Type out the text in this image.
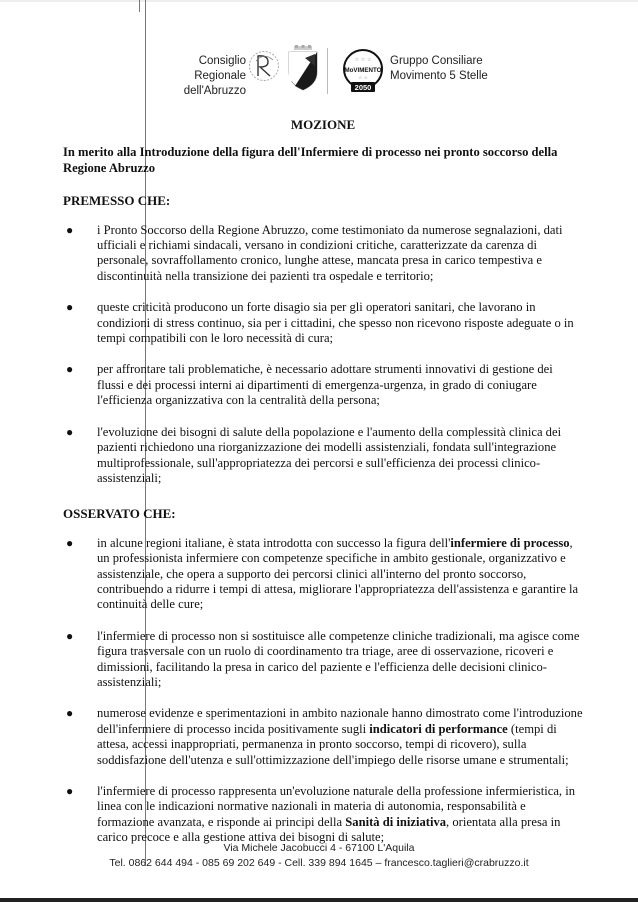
Consiglio Regionale
dell'Abruzzo
MoVIMENTO
☆ ☆ ☆
☆ ☆
2050
Gruppo Consiliare
Movimento 5 Stelle
MOZIONE
In merito alla Introduzione della figura dell'Infermiere di processo nei pronto soccorso della Regione Abruzzo
PREMESSO CHE:
● i Pronto Soccorso della Regione Abruzzo, come testimoniato da numerose segnalazioni, dati ufficiali e richiami sindacali, versano in condizioni critiche, caratterizzate da carenza di personale, sovraffollamento cronico, lunghe attese, mancata presa in carico tempestiva e discontinuità nella transizione dei pazienti tra ospedale e territorio;
● queste criticità producono un forte disagio sia per gli operatori sanitari, che lavorano in condizioni di stress continuo, sia per i cittadini, che spesso non ricevono risposte adeguate o in tempi compatibili con le loro necessità di cura;
● per affrontare tali problematiche, è necessario adottare strumenti innovativi di gestione dei flussi e dei processi interni ai dipartimenti di emergenza-urgenza, in grado di coniugare l'efficienza organizzativa con la centralità della persona;
● l'evoluzione dei bisogni di salute della popolazione e l'aumento della complessità clinica dei pazienti richiedono una riorganizzazione dei modelli assistenziali, fondata sull'integrazione multiprofessionale, sull'appropriatezza dei percorsi e sull'efficienza dei processi clinico-assistenziali;
OSSERVATO CHE:
● in alcune regioni italiane, è stata introdotta con successo la figura dell'infermiere di processo, un professionista infermiere con competenze specifiche in ambito gestionale, organizzativo e assistenziale, che opera a supporto dei percorsi clinici all'interno del pronto soccorso, contribuendo a ridurre i tempi di attesa, migliorare l'appropriatezza dell'assistenza e garantire la continuità delle cure;
● l'infermiere di processo non si sostituisce alle competenze cliniche tradizionali, ma agisce come figura trasversale con un ruolo di coordinamento tra triage, aree di osservazione, ricoveri e dimissioni, facilitando la presa in carico del paziente e l'efficienza delle decisioni clinico-assistenziali;
● numerose evidenze e sperimentazioni in ambito nazionale hanno dimostrato come l'introduzione dell'infermiere di processo incida positivamente sugli indicatori di performance (tempi di attesa, accessi inappropriati, permanenza in pronto soccorso, tempi di ricovero), sulla soddisfazione dell'utenza e sull'ottimizzazione dell'impiego delle risorse umane e strumentali;
● l'infermiere di processo rappresenta un'evoluzione naturale della professione infermieristica, in linea con le indicazioni normative nazionali in materia di autonomia, responsabilità e formazione avanzata, e risponde ai principi della Sanità di iniziativa, orientata alla presa in carico precoce e alla gestione attiva dei bisogni di salute;
Via Michele Jacobucci 4 - 67100 L'Aquila
Tel. 0862 644 494 - 085 69 202 649 - Cell. 339 894 1645 – francesco.taglieri@crabruzzo.it
